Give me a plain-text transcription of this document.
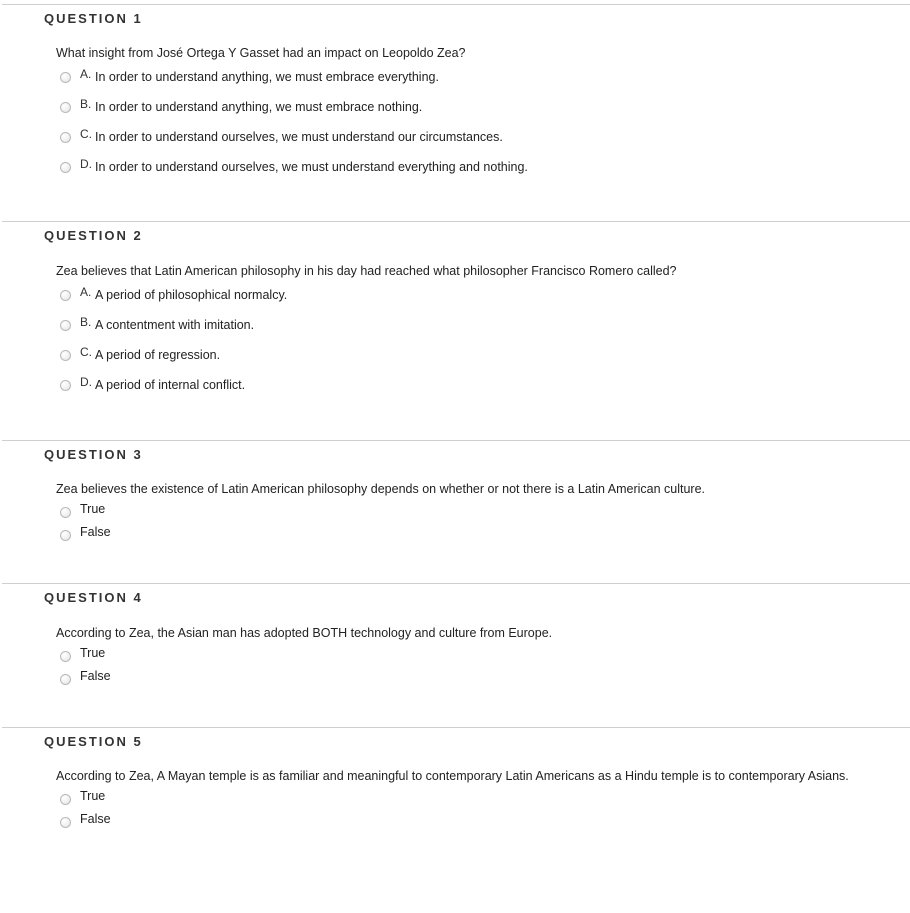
QUESTION 1
What insight from José Ortega Y Gasset had an impact on Leopoldo Zea?
A. In order to understand anything, we must embrace everything.
B. In order to understand anything, we must embrace nothing.
C. In order to understand ourselves, we must understand our circumstances.
D. In order to understand ourselves, we must understand everything and nothing.
QUESTION 2
Zea believes that Latin American philosophy in his day had reached what philosopher Francisco Romero called?
A. A period of philosophical normalcy.
B. A contentment with imitation.
C. A period of regression.
D. A period of internal conflict.
QUESTION 3
Zea believes the existence of Latin American philosophy depends on whether or not there is a Latin American culture.
True
False
QUESTION 4
According to Zea, the Asian man has adopted BOTH technology and culture from Europe.
True
False
QUESTION 5
According to Zea, A Mayan temple is as familiar and meaningful to contemporary Latin Americans as a Hindu temple is to contemporary Asians.
True
False
